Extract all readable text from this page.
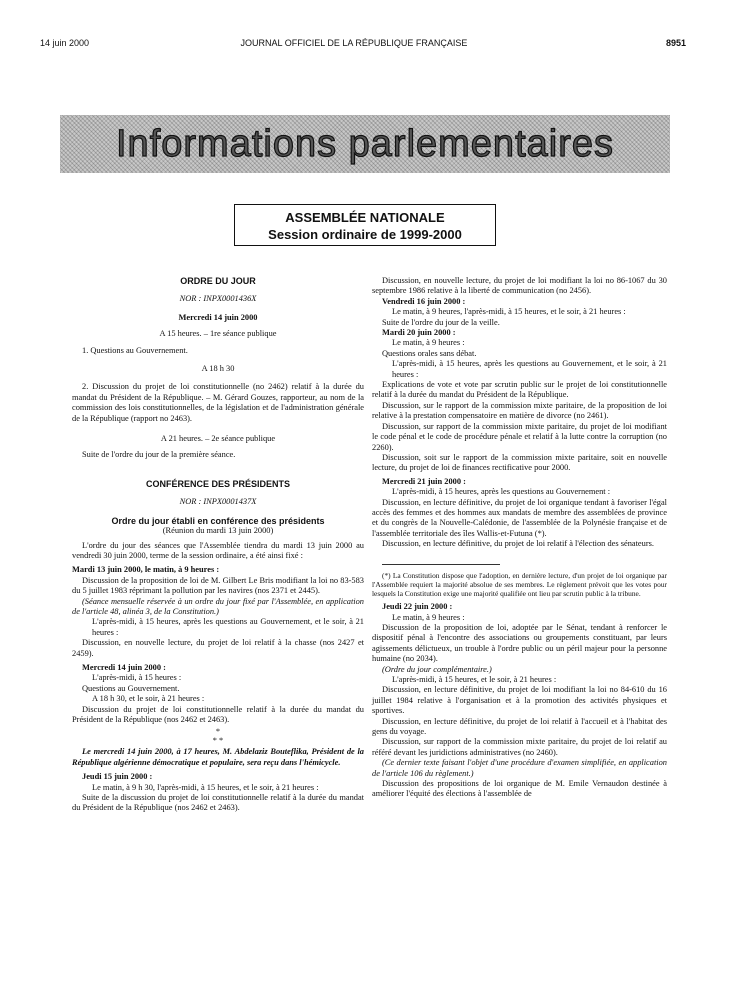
14 juin 2000	JOURNAL OFFICIEL DE LA RÉPUBLIQUE FRANÇAISE	8951
Informations parlementaires
ASSEMBLÉE NATIONALE
Session ordinaire de 1999-2000

ORDRE DU JOUR

NOR : INPX0001436X

Mercredi 14 juin 2000

A 15 heures. – 1re séance publique

1. Questions au Gouvernement.

A 18 h 30

2. Discussion du projet de loi constitutionnelle (no 2462) relatif à la durée du mandat du Président de la République. – M. Gérard Gouzes, rapporteur, au nom de la commission des lois constitutionnelles, de la législation et de l'administration générale de la République (rapport no 2463).

A 21 heures. – 2e séance publique

Suite de l'ordre du jour de la première séance.

CONFÉRENCE DES PRÉSIDENTS

NOR : INPX0001437X

Ordre du jour établi en conférence des présidents

(Réunion du mardi 13 juin 2000)

L'ordre du jour des séances que l'Assemblée tiendra du mardi 13 juin 2000 au vendredi 30 juin 2000, terme de la session ordinaire, a été ainsi fixé :

Mardi 13 juin 2000, le matin, à 9 heures :

Discussion de la proposition de loi de M. Gilbert Le Bris modifiant la loi no 83-583 du 5 juillet 1983 réprimant la pollution par les navires (nos 2371 et 2445).

(Séance mensuelle réservée à un ordre du jour fixé par l'Assemblée, en application de l'article 48, alinéa 3, de la Constitution.)

L'après-midi, à 15 heures, après les questions au Gouvernement, et le soir, à 21 heures :

Discussion, en nouvelle lecture, du projet de loi relatif à la chasse (nos 2427 et 2459).

Mercredi 14 juin 2000 :

L'après-midi, à 15 heures :

Questions au Gouvernement.

A 18 h 30, et le soir, à 21 heures :

Discussion du projet de loi constitutionnelle relatif à la durée du mandat du Président de la République (nos 2462 et 2463).

*
* *

Le mercredi 14 juin 2000, à 17 heures, M. Abdelaziz Bouteflika, Président de la République algérienne démocratique et populaire, sera reçu dans l'hémicycle.

Jeudi 15 juin 2000 :

Le matin, à 9 h 30, l'après-midi, à 15 heures, et le soir, à 21 heures :

Suite de la discussion du projet de loi constitutionnelle relatif à la durée du mandat du Président de la République (nos 2462 et 2463).

Discussion, en nouvelle lecture, du projet de loi modifiant la loi no 86-1067 du 30 septembre 1986 relative à la liberté de communication (no 2456).

Vendredi 16 juin 2000 :

Le matin, à 9 heures, l'après-midi, à 15 heures, et le soir, à 21 heures :

Suite de l'ordre du jour de la veille.

Mardi 20 juin 2000 :

Le matin, à 9 heures :

Questions orales sans débat.

L'après-midi, à 15 heures, après les questions au Gouvernement, et le soir, à 21 heures :

Explications de vote et vote par scrutin public sur le projet de loi constitutionnelle relatif à la durée du mandat du Président de la République.

Discussion, sur le rapport de la commission mixte paritaire, de la proposition de loi relative à la prestation compensatoire en matière de divorce (no 2461).

Discussion, sur rapport de la commission mixte paritaire, du projet de loi modifiant le code pénal et le code de procédure pénale et relatif à la lutte contre la corruption (no 2260).

Discussion, soit sur le rapport de la commission mixte paritaire, soit en nouvelle lecture, du projet de loi de finances rectificative pour 2000.

Mercredi 21 juin 2000 :

L'après-midi, à 15 heures, après les questions au Gouvernement :

Discussion, en lecture définitive, du projet de loi organique tendant à favoriser l'égal accès des femmes et des hommes aux mandats de membre des assemblées de province et du congrès de la Nouvelle-Calédonie, de l'assemblée de la Polynésie française et de l'assemblée territoriale des îles Wallis-et-Futuna (*).

Discussion, en lecture définitive, du projet de loi relatif à l'élection des sénateurs.

(*) La Constitution dispose que l'adoption, en dernière lecture, d'un projet de loi organique par l'Assemblée requiert la majorité absolue de ses membres. Le règlement prévoit que les votes pour lesquels la Constitution exige une majorité qualifiée ont lieu par scrutin public à la tribune.

Jeudi 22 juin 2000 :

Le matin, à 9 heures :

Discussion de la proposition de loi, adoptée par le Sénat, tendant à renforcer le dispositif pénal à l'encontre des associations ou groupements constituant, par leurs agissements délictueux, un trouble à l'ordre public ou un péril majeur pour la personne humaine (no 2034).

(Ordre du jour complémentaire.)

L'après-midi, à 15 heures, et le soir, à 21 heures :

Discussion, en lecture définitive, du projet de loi modifiant la loi no 84-610 du 16 juillet 1984 relative à l'organisation et à la promotion des activités physiques et sportives.

Discussion, en lecture définitive, du projet de loi relatif à l'accueil et à l'habitat des gens du voyage.

Discussion, sur rapport de la commission mixte paritaire, du projet de loi relatif au référé devant les juridictions administratives (no 2460).

(Ce dernier texte faisant l'objet d'une procédure d'examen simplifiée, en application de l'article 106 du règlement.)

Discussion des propositions de loi organique de M. Emile Vernaudon destinée à améliorer l'équité des élections à l'assemblée de
